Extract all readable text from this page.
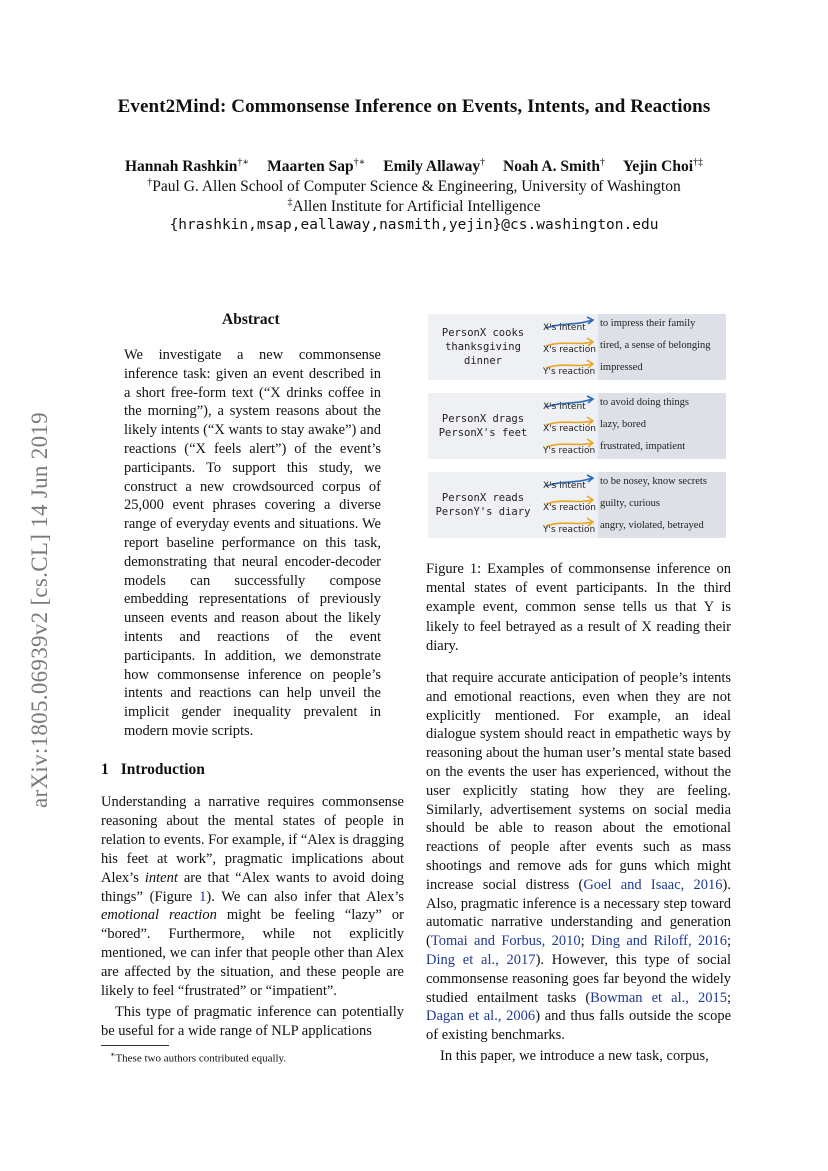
Event2Mind: Commonsense Inference on Events, Intents, and Reactions
Hannah Rashkin†∗ Maarten Sap†∗ Emily Allaway† Noah A. Smith† Yejin Choi†‡
†Paul G. Allen School of Computer Science & Engineering, University of Washington
‡Allen Institute for Artificial Intelligence
{hrashkin,msap,eallaway,nasmith,yejin}@cs.washington.edu
arXiv:1805.06939v2 [cs.CL] 14 Jun 2019
Abstract
We investigate a new commonsense inference task: given an event described in a short free-form text (“X drinks coffee in the morning”), a system reasons about the likely intents (“X wants to stay awake”) and reactions (“X feels alert”) of the event’s participants. To support this study, we construct a new crowdsourced corpus of 25,000 event phrases covering a diverse range of everyday events and situations. We report baseline performance on this task, demonstrating that neural encoder-decoder models can successfully compose embedding representations of previously unseen events and reason about the likely intents and reactions of the event participants. In addition, we demonstrate how commonsense inference on people’s intents and reactions can help unveil the implicit gender inequality prevalent in modern movie scripts.
PersonX cooks
thanksgiving
dinner
X's intent
X's reaction
Y's reaction
to impress their family
tired, a sense of belonging
impressed
PersonX drags
PersonX's feet
X's intent
X's reaction
Y's reaction
to avoid doing things
lazy, bored
frustrated, impatient
PersonX reads
PersonY's diary
X's intent
X's reaction
Y's reaction
to be nosey, know secrets
guilty, curious
angry, violated, betrayed
Figure 1: Examples of commonsense inference on mental states of event participants. In the third example event, common sense tells us that Y is likely to feel betrayed as a result of X reading their diary.
1 Introduction

Understanding a narrative requires commonsense reasoning about the mental states of people in relation to events. For example, if “Alex is dragging his feet at work”, pragmatic implications about Alex’s intent are that “Alex wants to avoid doing things” (Figure 1). We can also infer that Alex’s emotional reaction might be feeling “lazy” or “bored”. Furthermore, while not explicitly mentioned, we can infer that people other than Alex are affected by the situation, and these people are likely to feel “frustrated” or “impatient”.

This type of pragmatic inference can potentially be useful for a wide range of NLP applications

that require accurate anticipation of people’s intents and emotional reactions, even when they are not explicitly mentioned. For example, an ideal dialogue system should react in empathetic ways by reasoning about the human user’s mental state based on the events the user has experienced, without the user explicitly stating how they are feeling. Similarly, advertisement systems on social media should be able to reason about the emotional reactions of people after events such as mass shootings and remove ads for guns which might increase social distress (Goel and Isaac, 2016). Also, pragmatic inference is a necessary step toward automatic narrative understanding and generation (Tomai and Forbus, 2010; Ding and Riloff, 2016; Ding et al., 2017). However, this type of social commonsense reasoning goes far beyond the widely studied entailment tasks (Bowman et al., 2015; Dagan et al., 2006) and thus falls outside the scope of existing benchmarks.

In this paper, we introduce a new task, corpus,

∗These two authors contributed equally.
